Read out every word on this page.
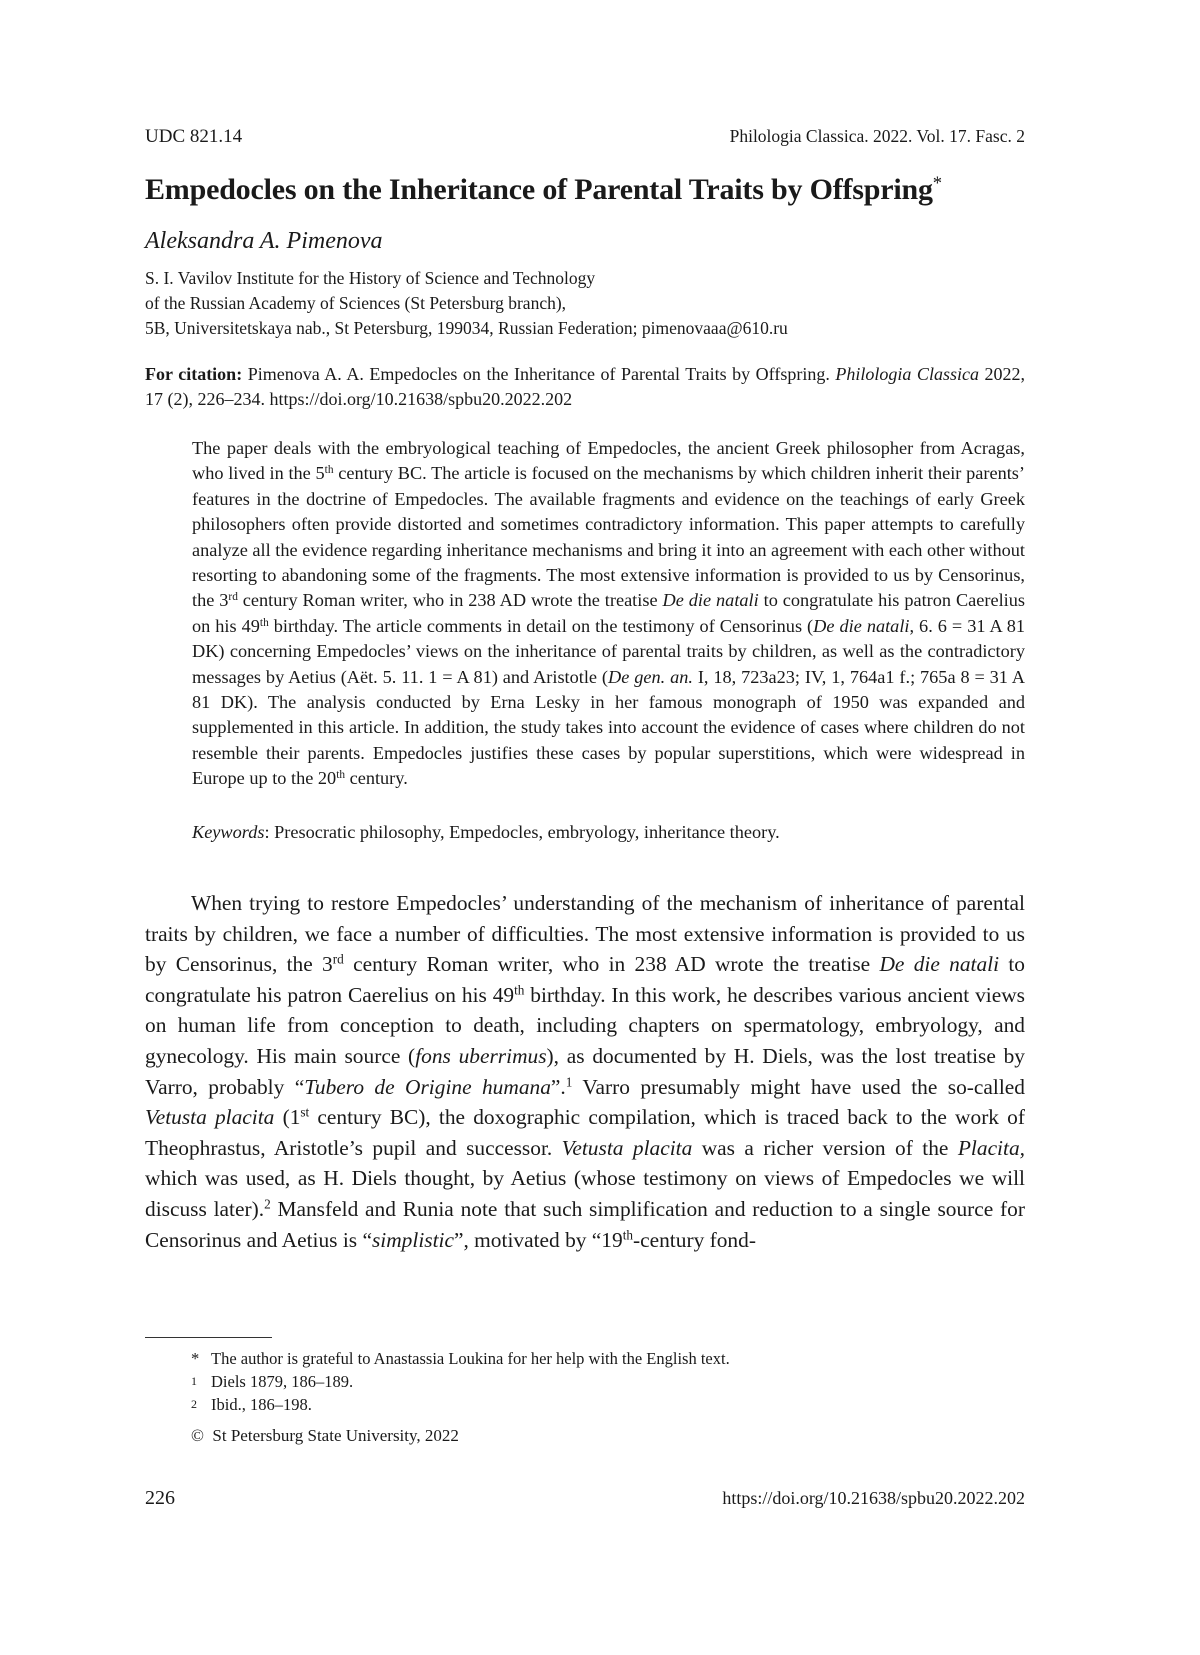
UDC 821.14	Philologia Classica. 2022. Vol. 17. Fasc. 2
Empedocles on the Inheritance of Parental Traits by Offspring*
Aleksandra A. Pimenova
S. I. Vavilov Institute for the History of Science and Technology
of the Russian Academy of Sciences (St Petersburg branch),
5B, Universitetskaya nab., St Petersburg, 199034, Russian Federation; pimenovaaa@610.ru
For citation: Pimenova A. A. Empedocles on the Inheritance of Parental Traits by Offspring. Philologia Classica 2022, 17 (2), 226–234. https://doi.org/10.21638/spbu20.2022.202
The paper deals with the embryological teaching of Empedocles, the ancient Greek philosopher from Acragas, who lived in the 5th century BC. The article is focused on the mechanisms by which children inherit their parents’ features in the doctrine of Empedocles. The available fragments and evidence on the teachings of early Greek philosophers often provide distorted and sometimes contradictory information. This paper attempts to carefully analyze all the evidence regarding inheritance mechanisms and bring it into an agreement with each other without resorting to abandoning some of the fragments. The most extensive information is provided to us by Censorinus, the 3rd century Roman writer, who in 238 AD wrote the treatise De die natali to congratulate his patron Caerelius on his 49th birthday. The article comments in detail on the testimony of Censorinus (De die natali, 6. 6 = 31 A 81 DK) concerning Empedocles’ views on the inheritance of parental traits by children, as well as the contradictory messages by Aetius (Aët. 5. 11. 1 = A 81) and Aristotle (De gen. an. I, 18, 723a23; IV, 1, 764a1 f.; 765a 8 = 31 A 81 DK). The analysis conducted by Erna Lesky in her famous monograph of 1950 was expanded and supplemented in this article. In addition, the study takes into account the evidence of cases where children do not resemble their parents. Empedocles justifies these cases by popular superstitions, which were widespread in Europe up to the 20th century.
Keywords: Presocratic philosophy, Empedocles, embryology, inheritance theory.

When trying to restore Empedocles’ understanding of the mechanism of inheritance of parental traits by children, we face a number of difficulties. The most extensive information is provided to us by Censorinus, the 3rd century Roman writer, who in 238 AD wrote the treatise De die natali to congratulate his patron Caerelius on his 49th birthday. In this work, he describes various ancient views on human life from conception to death, including chapters on spermatology, embryology, and gynecology. His main source (fons uberrimus), as documented by H. Diels, was the lost treatise by Varro, probably “Tubero de Origine humana”.$^1$ Varro presumably might have used the so-called Vetusta placita (1st century BC), the doxographic compilation, which is traced back to the work of Theophrastus, Aristotle’s pupil and successor. Vetusta placita was a richer version of the Placita, which was used, as H. Diels thought, by Aetius (whose testimony on views of Empedocles we will discuss later).$^2$ Mansfeld and Runia note that such simplification and reduction to a single source for Censorinus and Aetius is “simplistic”, motivated by “19th-century fond-

* The author is grateful to Anastassia Loukina for her help with the English text.
1 Diels 1879, 186–189.
2 Ibid., 186–198.
©  St Petersburg State University, 2022
226	https://doi.org/10.21638/spbu20.2022.202
